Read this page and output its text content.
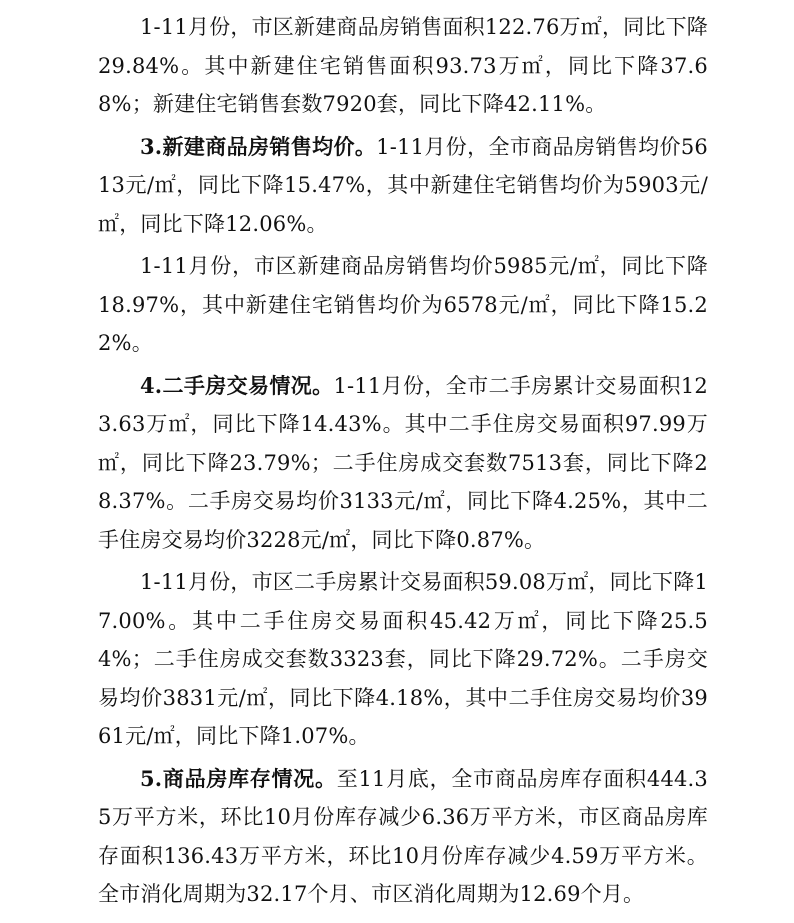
1-11月份，市区新建商品房销售面积122.76万㎡，同比下降29.84%。其中新建住宅销售面积93.73万㎡，同比下降37.68%；新建住宅销售套数7920套，同比下降42.11%。

3.新建商品房销售均价。1-11月份，全市商品房销售均价5613元/㎡，同比下降15.47%，其中新建住宅销售均价为5903元/㎡，同比下降12.06%。

1-11月份，市区新建商品房销售均价5985元/㎡，同比下降18.97%，其中新建住宅销售均价为6578元/㎡，同比下降15.22%。

4.二手房交易情况。1-11月份，全市二手房累计交易面积123.63万㎡，同比下降14.43%。其中二手住房交易面积97.99万㎡，同比下降23.79%；二手住房成交套数7513套，同比下降28.37%。二手房交易均价3133元/㎡，同比下降4.25%，其中二手住房交易均价3228元/㎡，同比下降0.87%。

1-11月份，市区二手房累计交易面积59.08万㎡，同比下降17.00%。其中二手住房交易面积45.42万㎡，同比下降25.54%；二手住房成交套数3323套，同比下降29.72%。二手房交易均价3831元/㎡，同比下降4.18%，其中二手住房交易均价3961元/㎡，同比下降1.07%。

5.商品房库存情况。至11月底，全市商品房库存面积444.35万平方米，环比10月份库存减少6.36万平方米，市区商品房库存面积136.43万平方米，环比10月份库存减少4.59万平方米。全市消化周期为32.17个月、市区消化周期为12.69个月。
